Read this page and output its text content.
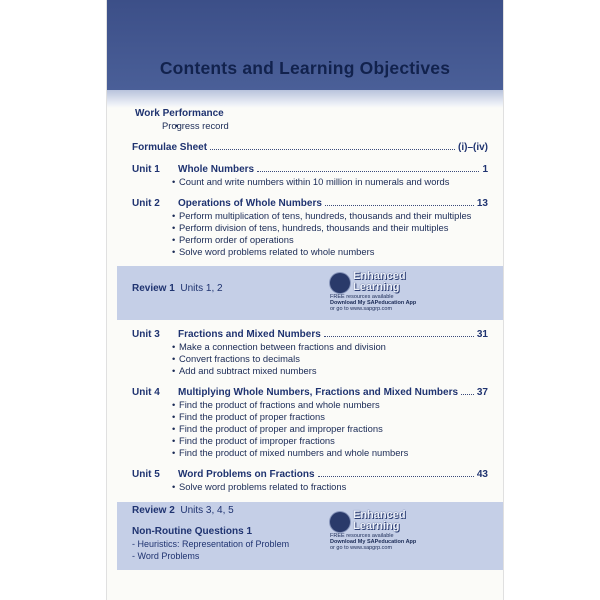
Contents and Learning Objectives
Work Performance
• Progress record
Formulae Sheet	(i)–(iv)
Unit 1	Whole Numbers	1
• Count and write numbers within 10 million in numerals and words
Unit 2	Operations of Whole Numbers	13
• Perform multiplication of tens, hundreds, thousands and their multiples
• Perform division of tens, hundreds, thousands and their multiples
• Perform order of operations
• Solve word problems related to whole numbers
Review 1 Units 1, 2
Enhanced Learning
FREE resources available
Download My SAPeducation App
or go to www.sapgrp.com
Unit 3	Fractions and Mixed Numbers	31
• Make a connection between fractions and division
• Convert fractions to decimals
• Add and subtract mixed numbers
Unit 4	Multiplying Whole Numbers, Fractions and Mixed Numbers 37
• Find the product of fractions and whole numbers
• Find the product of proper fractions
• Find the product of proper and improper fractions
• Find the product of improper fractions
• Find the product of mixed numbers and whole numbers
Unit 5	Word Problems on Fractions	43
• Solve word problems related to fractions
Review 2 Units 3, 4, 5
Non-Routine Questions 1
- Heuristics: Representation of Problem
- Word Problems
Enhanced Learning
FREE resources available
Download My SAPeducation App
or go to www.sapgrp.com
